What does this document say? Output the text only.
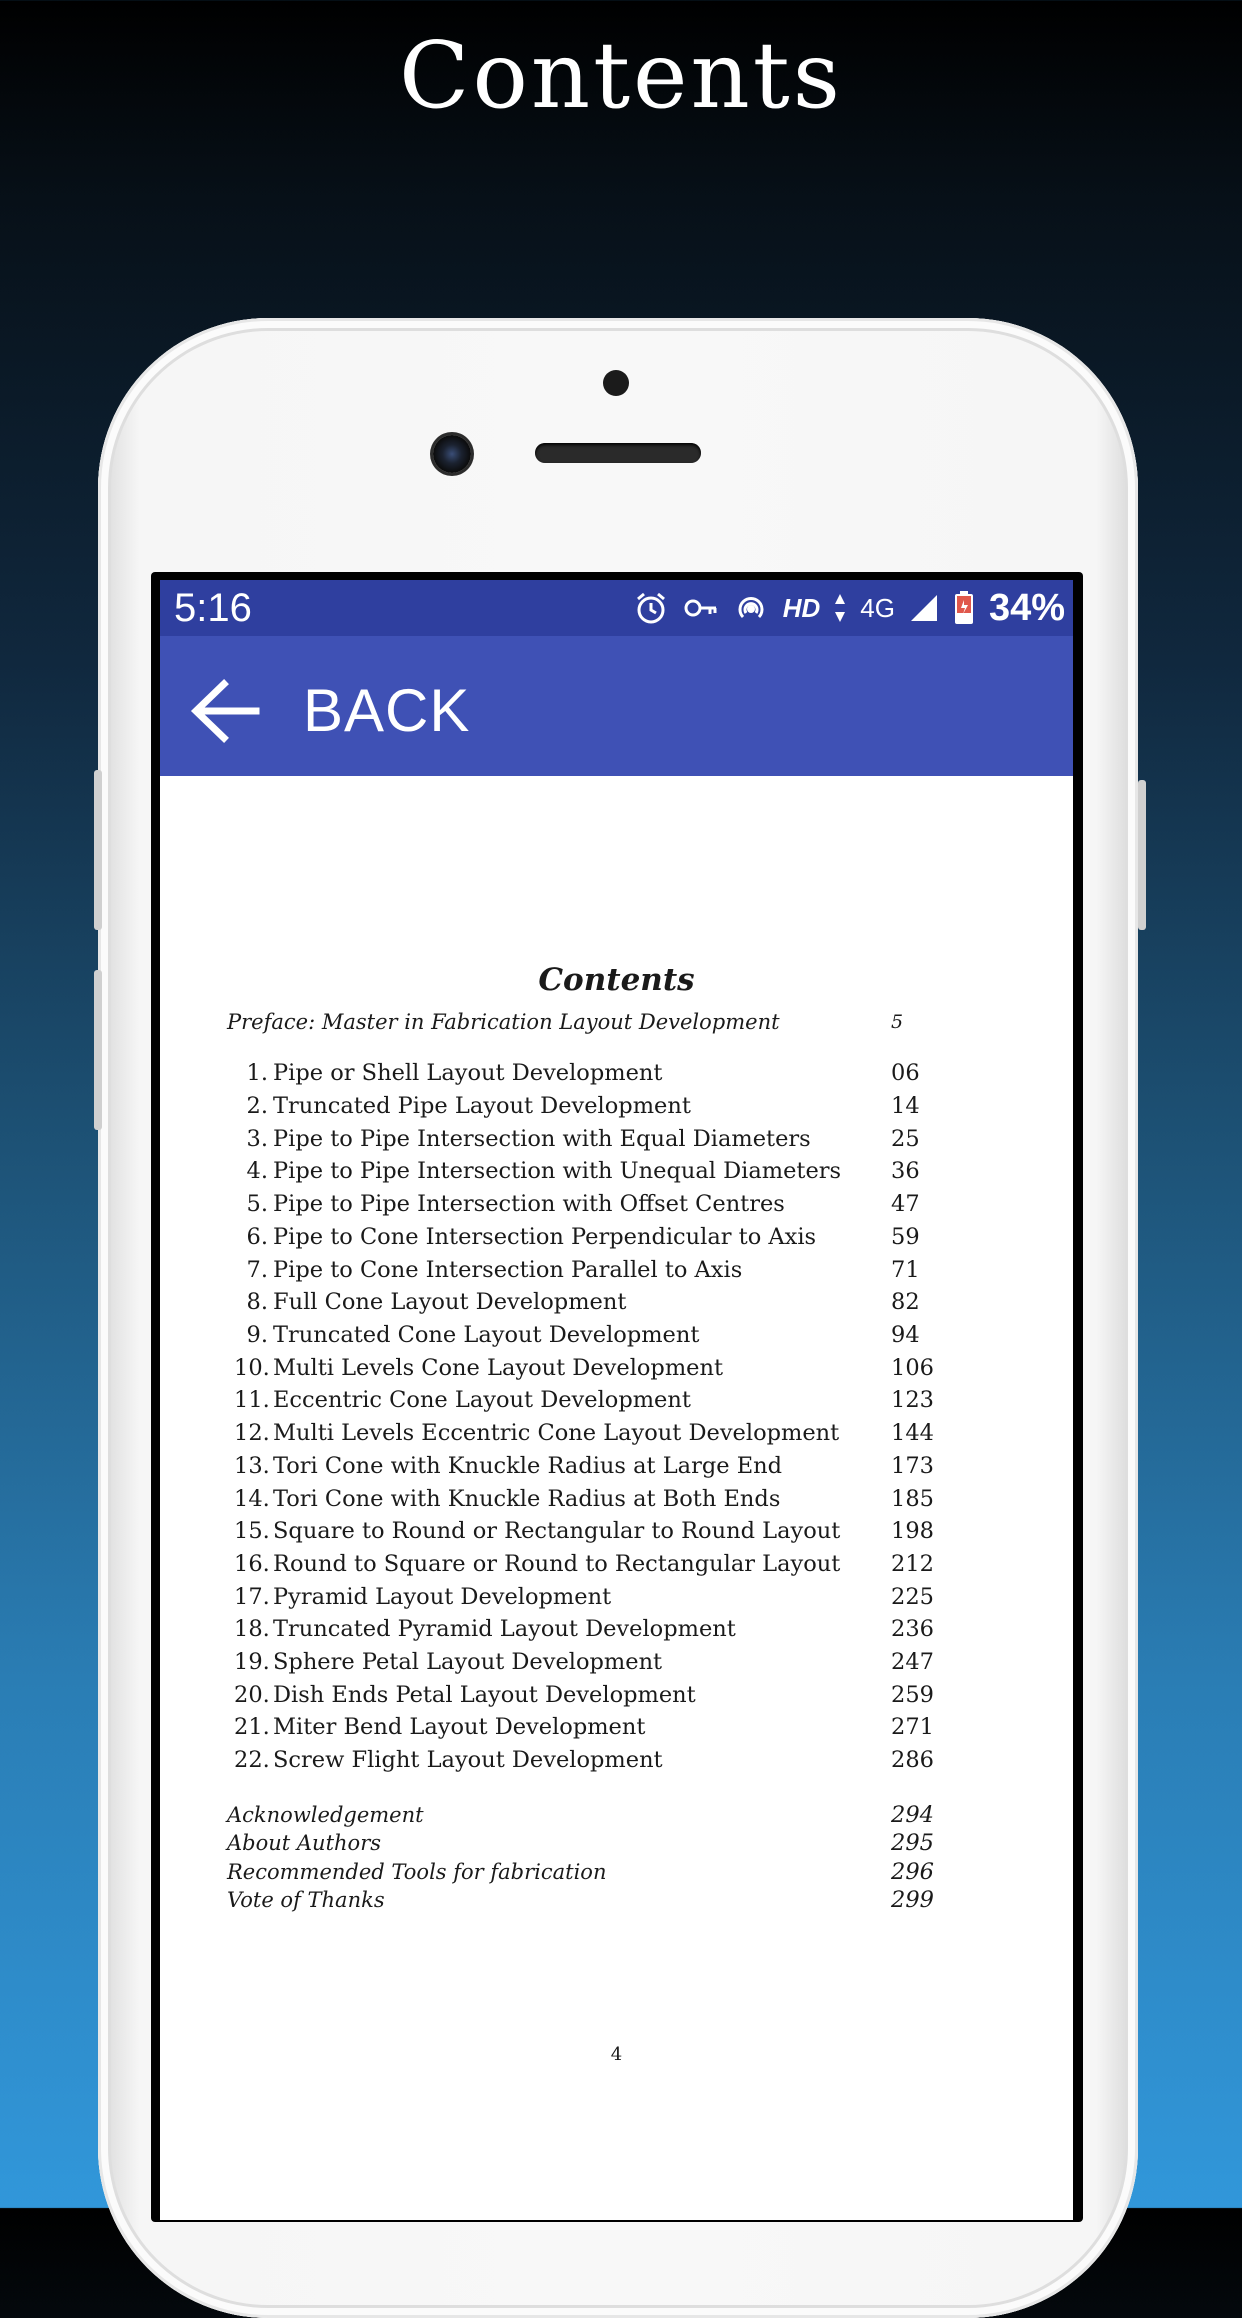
Contents
5:16	HD 4G 34%
BACK
Contents
Preface: Master in Fabrication Layout Development	5
1. Pipe or Shell Layout Development	06
2. Truncated Pipe Layout Development	14
3. Pipe to Pipe Intersection with Equal Diameters	25
4. Pipe to Pipe Intersection with Unequal Diameters 36
5. Pipe to Pipe Intersection with Offset Centres	47
6. Pipe to Cone Intersection Perpendicular to Axis	59
7. Pipe to Cone Intersection Parallel to Axis	71
8. Full Cone Layout Development	82
9. Truncated Cone Layout Development	94
10. Multi Levels Cone Layout Development	106
11. Eccentric Cone Layout Development	123
12. Multi Levels Eccentric Cone Layout Development 144
13. Tori Cone with Knuckle Radius at Large End	173
14. Tori Cone with Knuckle Radius at Both Ends	185
15. Square to Round or Rectangular to Round Layout 198
16. Round to Square or Round to Rectangular Layout 212
17. Pyramid Layout Development	225
18. Truncated Pyramid Layout Development	236
19. Sphere Petal Layout Development	247
20. Dish Ends Petal Layout Development	259
21. Miter Bend Layout Development	271
22. Screw Flight Layout Development	286
Acknowledgement	294
About Authors	295
Recommended Tools for fabrication	296
Vote of Thanks	299
4
